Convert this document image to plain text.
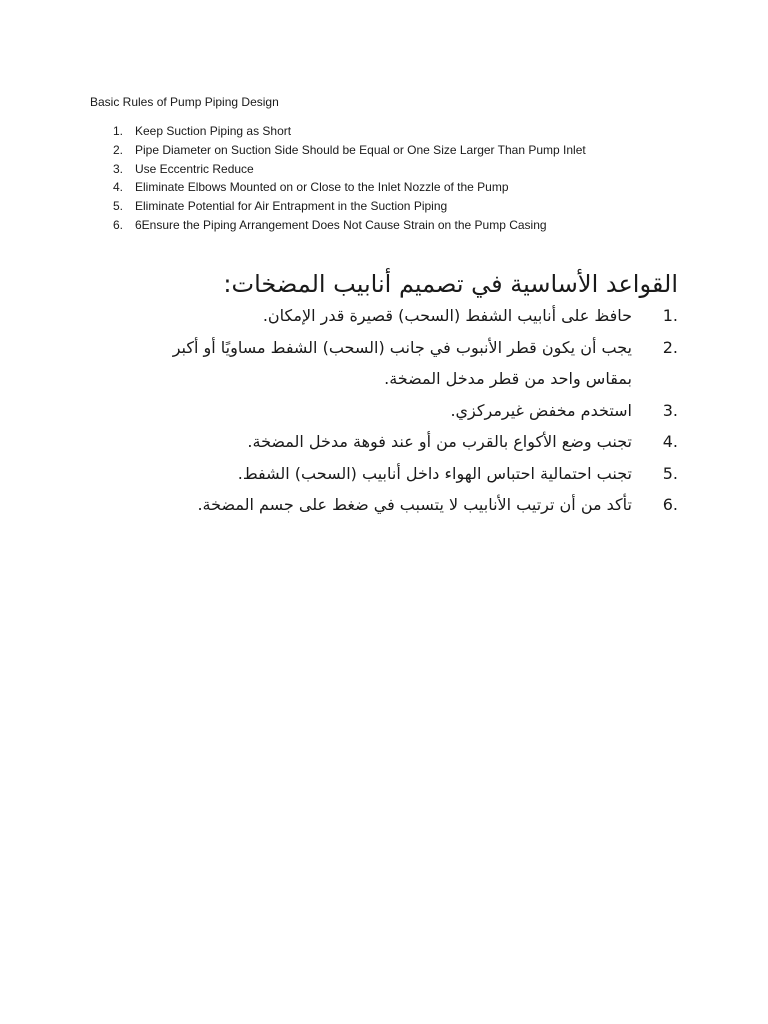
Basic Rules of Pump Piping Design
1. Keep Suction Piping as Short
2. Pipe Diameter on Suction Side Should be Equal or One Size Larger Than Pump Inlet
3. Use Eccentric Reduce
4. Eliminate Elbows Mounted on or Close to the Inlet Nozzle of the Pump
5. Eliminate Potential for Air Entrapment in the Suction Piping
6. 6Ensure the Piping Arrangement Does Not Cause Strain on the Pump Casing
القواعد الأساسية في تصميم أنابيب المضخات:
1.
حافظ على أنابيب الشفط (السحب) قصيرة قدر الإمكان.
2.
يجب أن يكون قطر الأنبوب في جانب (السحب) الشفط مساويًا أو أكبر
بمقاس واحد من قطر مدخل المضخة.
3.
استخدم مخفض غيرمركزي.
4.
تجنب وضع الأكواع بالقرب من أو عند فوهة مدخل المضخة.
5.
تجنب احتمالية احتباس الهواء داخل أنابيب (السحب) الشفط.
6.
تأكد من أن ترتيب الأنابيب لا يتسبب في ضغط على جسم المضخة.
